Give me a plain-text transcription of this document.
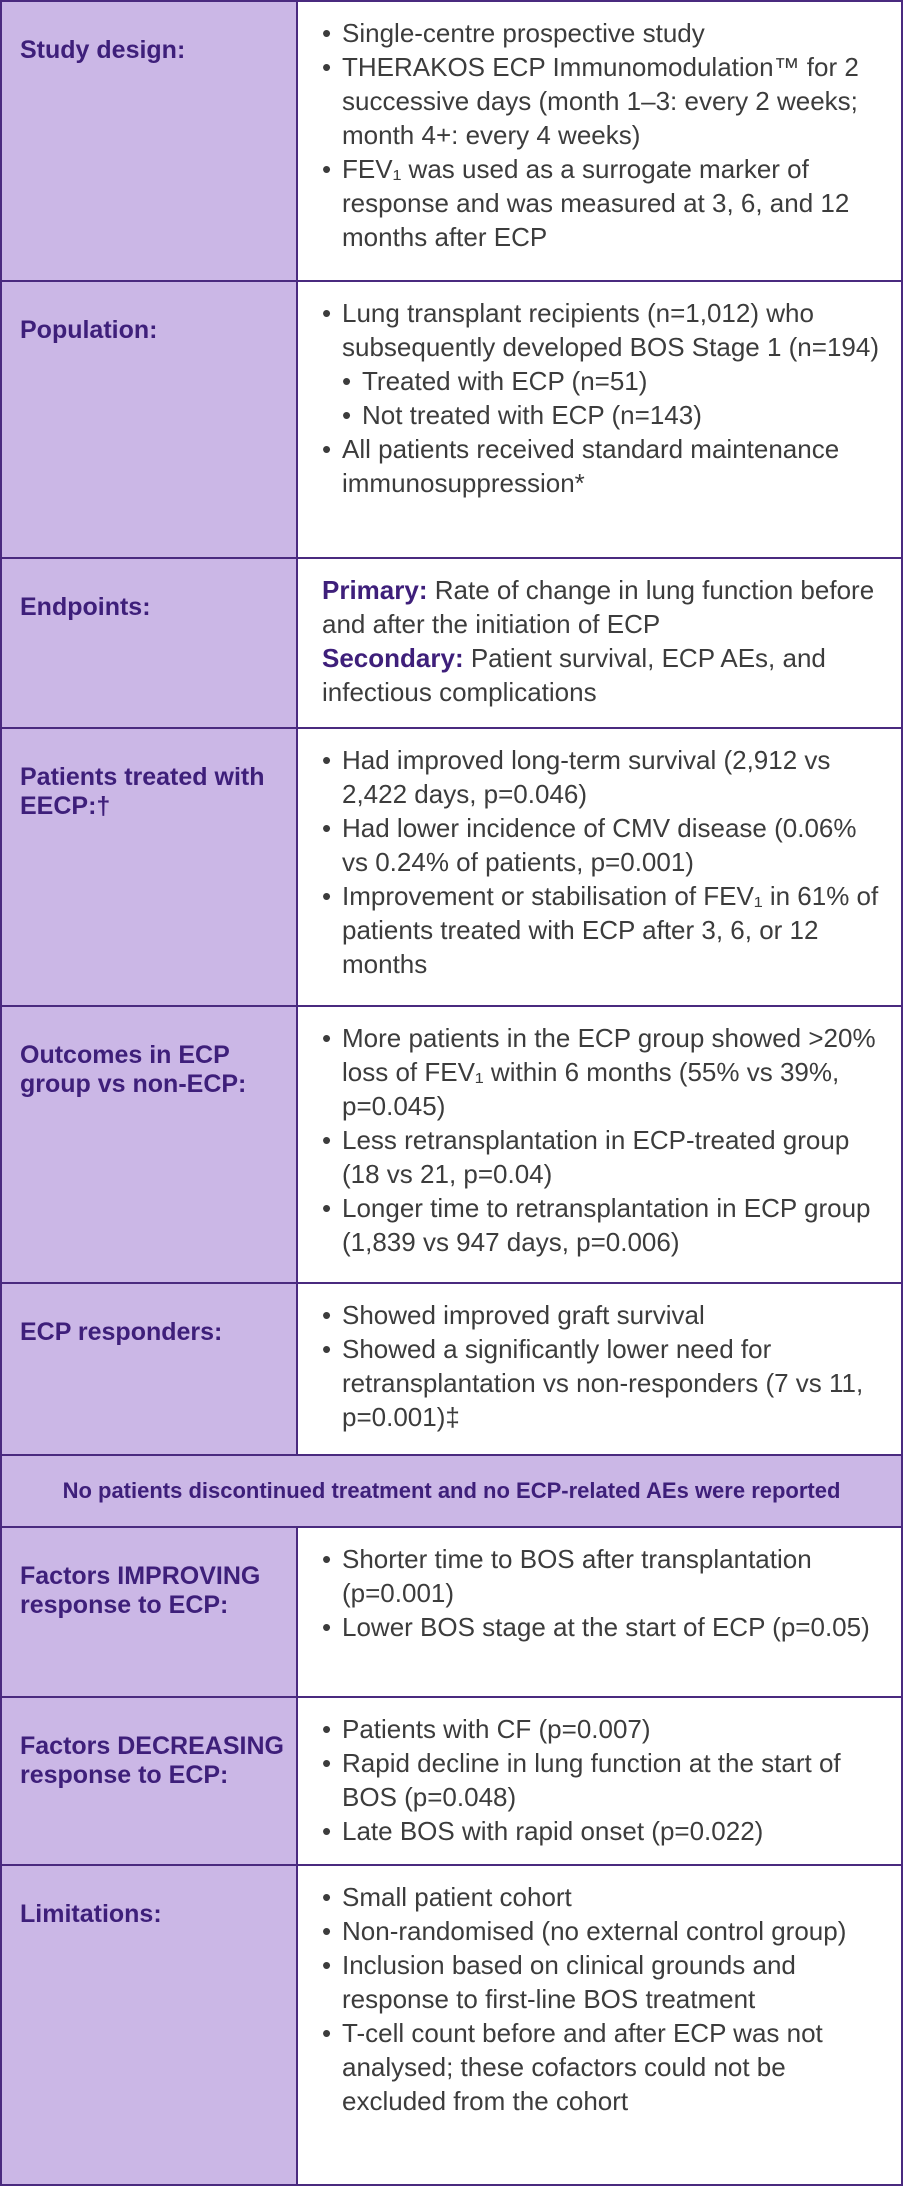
Study design:

• Single-centre prospective study

• THERAKOS ECP Immunomodulation™ for 2 successive days (month 1–3: every 2 weeks; month 4+: every 4 weeks)

• FEV₁ was used as a surrogate marker of response and was measured at 3, 6, and 12 months after ECP

Population:

• Lung transplant recipients (n=1,012) who subsequently developed BOS Stage 1 (n=194)

• Treated with ECP (n=51)

• Not treated with ECP (n=143)

• All patients received standard maintenance immunosuppression*

Endpoints:

Primary: Rate of change in lung function before and after the initiation of ECP

Secondary: Patient survival, ECP AEs, and infectious complications

Patients treated with EECP:†

• Had improved long-term survival (2,912 vs 2,422 days, p=0.046)

• Had lower incidence of CMV disease (0.06% vs 0.24% of patients, p=0.001)

• Improvement or stabilisation of FEV₁ in 61% of patients treated with ECP after 3, 6, or 12 months

Outcomes in ECP group vs non-ECP:

• More patients in the ECP group showed >20% loss of FEV₁ within 6 months (55% vs 39%, p=0.045)

• Less retransplantation in ECP-treated group (18 vs 21, p=0.04)

• Longer time to retransplantation in ECP group (1,839 vs 947 days, p=0.006)

ECP responders:

• Showed improved graft survival

• Showed a significantly lower need for retransplantation vs non-responders (7 vs 11, p=0.001)‡

No patients discontinued treatment and no ECP-related AEs were reported
Factors IMPROVING response to ECP:

• Shorter time to BOS after transplantation (p=0.001)

• Lower BOS stage at the start of ECP (p=0.05)

Factors DECREASING response to ECP:

• Patients with CF (p=0.007)

• Rapid decline in lung function at the start of BOS (p=0.048)

• Late BOS with rapid onset (p=0.022)

Limitations:

• Small patient cohort

• Non-randomised (no external control group)

• Inclusion based on clinical grounds and response to first-line BOS treatment

• T-cell count before and after ECP was not analysed; these cofactors could not be excluded from the cohort
